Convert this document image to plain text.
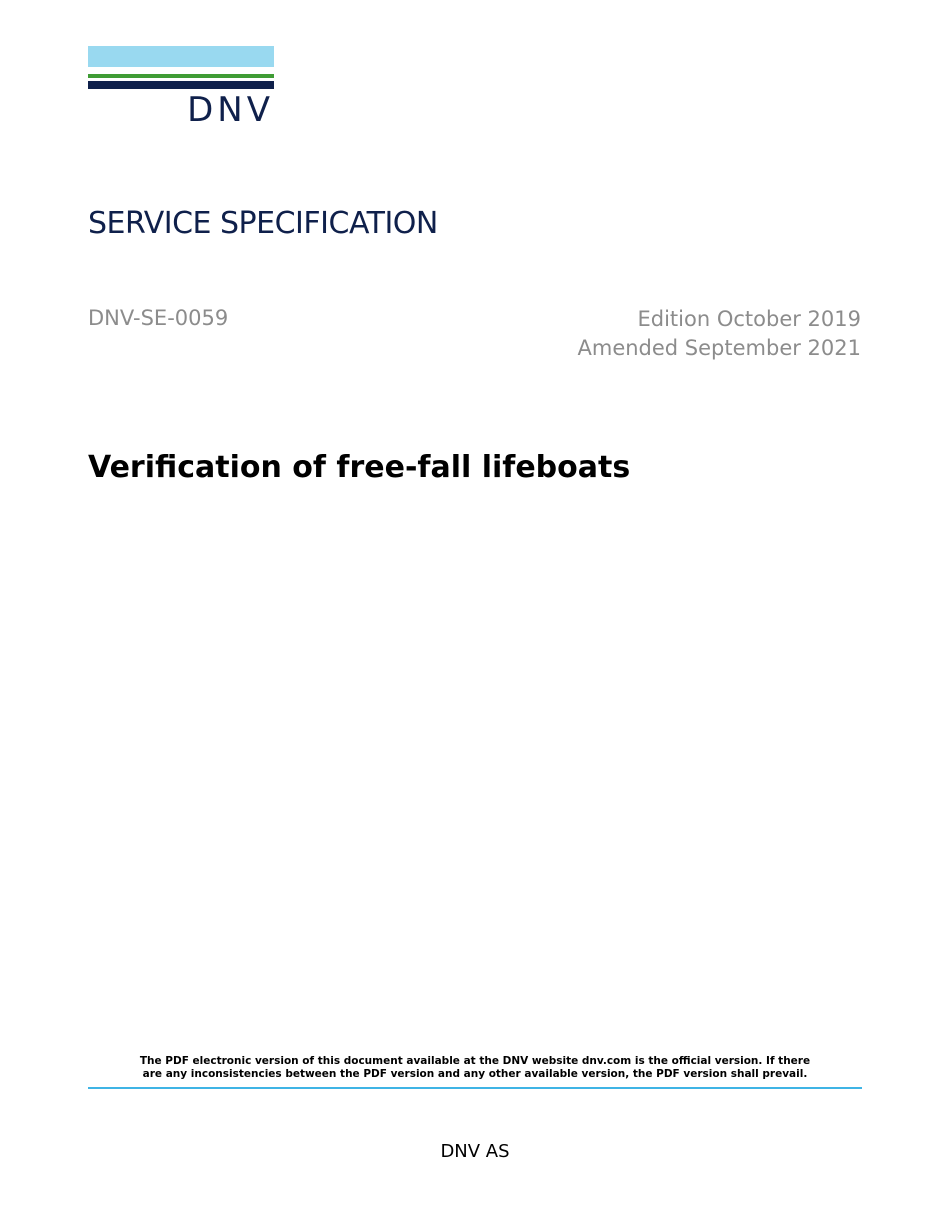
DNV
SERVICE SPECIFICATION
DNV-SE-0059	Edition October 2019
Amended September 2021
Verification of free-fall lifeboats
The PDF electronic version of this document available at the DNV website dnv.com is the official version. If there
are any inconsistencies between the PDF version and any other available version, the PDF version shall prevail.
DNV AS
